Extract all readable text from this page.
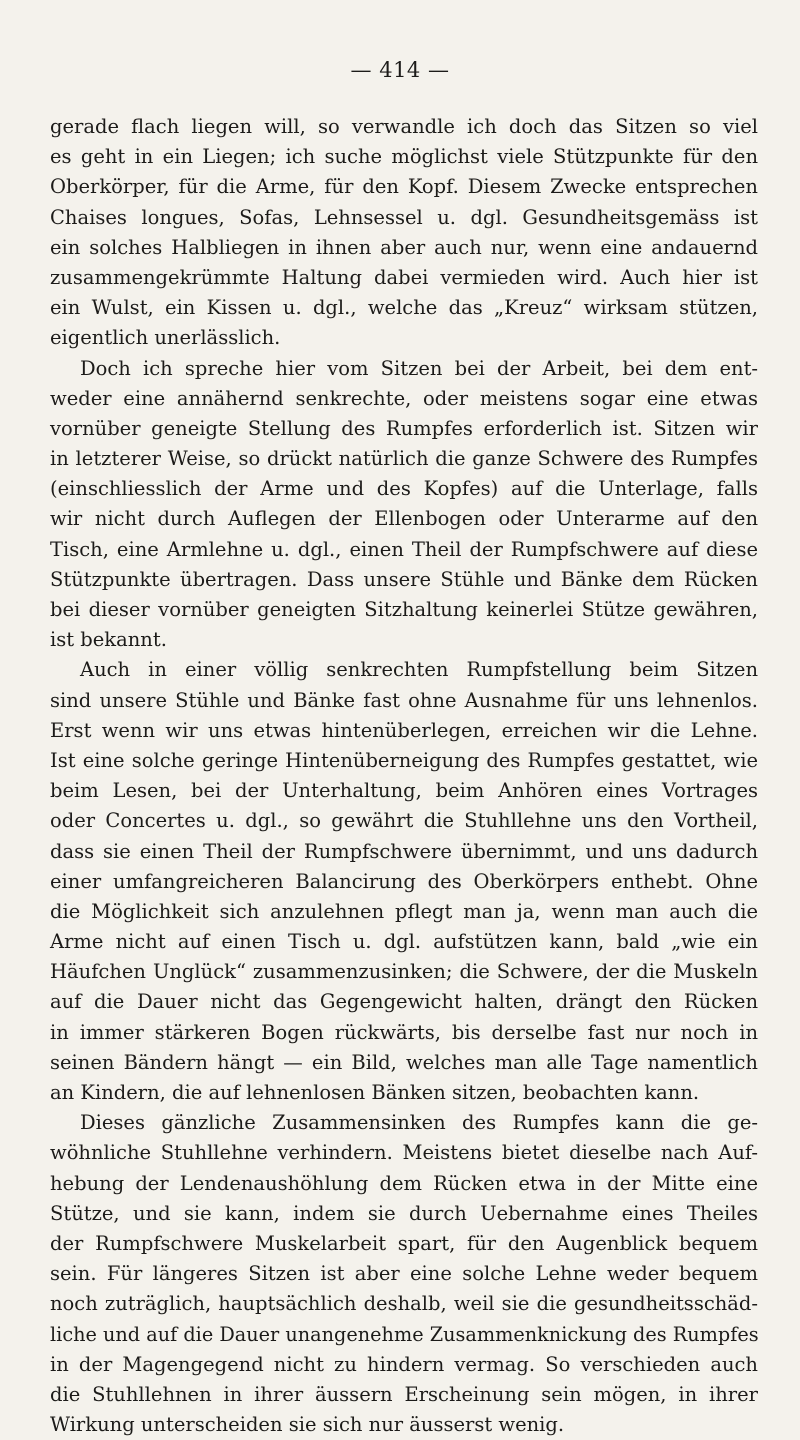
— 414 —
gerade flach liegen will, so verwandle ich doch das Sitzen so viel
es geht in ein Liegen; ich suche möglichst viele Stützpunkte für den
Oberkörper, für die Arme, für den Kopf. Diesem Zwecke entsprechen
Chaises longues, Sofas, Lehnsessel u. dgl. Gesundheitsgemäss ist
ein solches Halbliegen in ihnen aber auch nur, wenn eine andauernd
zusammengekrümmte Haltung dabei vermieden wird. Auch hier ist
ein Wulst, ein Kissen u. dgl., welche das „Kreuz“ wirksam stützen,
eigentlich unerlässlich.
Doch ich spreche hier vom Sitzen bei der Arbeit, bei dem ent-
weder eine annähernd senkrechte, oder meistens sogar eine etwas
vornüber geneigte Stellung des Rumpfes erforderlich ist. Sitzen wir
in letzterer Weise, so drückt natürlich die ganze Schwere des Rumpfes
(einschliesslich der Arme und des Kopfes) auf die Unterlage, falls
wir nicht durch Auflegen der Ellenbogen oder Unterarme auf den
Tisch, eine Armlehne u. dgl., einen Theil der Rumpfschwere auf diese
Stützpunkte übertragen. Dass unsere Stühle und Bänke dem Rücken
bei dieser vornüber geneigten Sitzhaltung keinerlei Stütze gewähren,
ist bekannt.
Auch in einer völlig senkrechten Rumpfstellung beim Sitzen
sind unsere Stühle und Bänke fast ohne Ausnahme für uns lehnenlos.
Erst wenn wir uns etwas hintenüberlegen, erreichen wir die Lehne.
Ist eine solche geringe Hintenüberneigung des Rumpfes gestattet, wie
beim Lesen, bei der Unterhaltung, beim Anhören eines Vortrages
oder Concertes u. dgl., so gewährt die Stuhllehne uns den Vortheil,
dass sie einen Theil der Rumpfschwere übernimmt, und uns dadurch
einer umfangreicheren Balancirung des Oberkörpers enthebt. Ohne
die Möglichkeit sich anzulehnen pflegt man ja, wenn man auch die
Arme nicht auf einen Tisch u. dgl. aufstützen kann, bald „wie ein
Häufchen Unglück“ zusammenzusinken; die Schwere, der die Muskeln
auf die Dauer nicht das Gegengewicht halten, drängt den Rücken
in immer stärkeren Bogen rückwärts, bis derselbe fast nur noch in
seinen Bändern hängt — ein Bild, welches man alle Tage namentlich
an Kindern, die auf lehnenlosen Bänken sitzen, beobachten kann.
Dieses gänzliche Zusammensinken des Rumpfes kann die ge-
wöhnliche Stuhllehne verhindern. Meistens bietet dieselbe nach Auf-
hebung der Lendenaushöhlung dem Rücken etwa in der Mitte eine
Stütze, und sie kann, indem sie durch Uebernahme eines Theiles
der Rumpfschwere Muskelarbeit spart, für den Augenblick bequem
sein. Für längeres Sitzen ist aber eine solche Lehne weder bequem
noch zuträglich, hauptsächlich deshalb, weil sie die gesundheitsschäd-
liche und auf die Dauer unangenehme Zusammenknickung des Rumpfes
in der Magengegend nicht zu hindern vermag. So verschieden auch
die Stuhllehnen in ihrer äussern Erscheinung sein mögen, in ihrer
Wirkung unterscheiden sie sich nur äusserst wenig.
